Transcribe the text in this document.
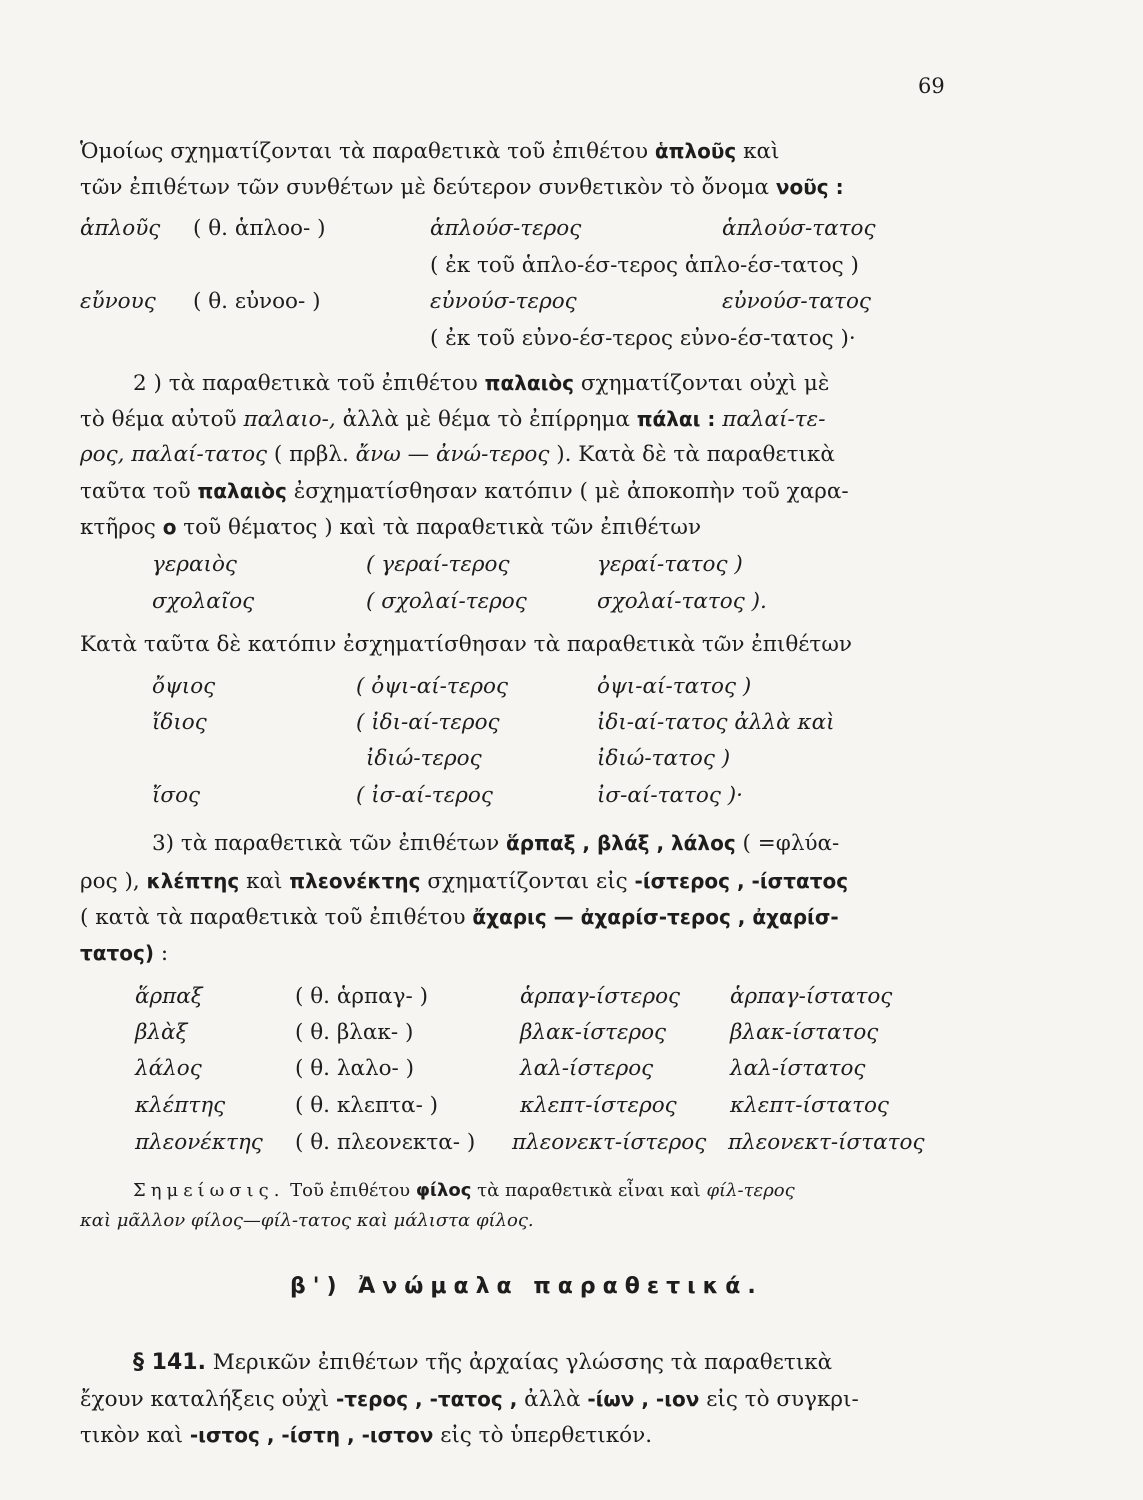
69
Ὁμοίως σχηματίζονται τὰ παραθετικὰ τοῦ ἐπιθέτου ἁπλοῦς καὶ
τῶν ἐπιθέτων τῶν συνθέτων μὲ δεύτερον συνθετικὸν τὸ ὄνομα νοῦς :
ἁπλοῦς ( θ. ἁπλοο- )	ἁπλούσ-τερος	ἁπλούσ-τατος
( ἐκ τοῦ ἁπλο-έσ-τερος ἁπλο-έσ-τατος )
εὔνους ( θ. εὐνοο- )	εὐνούσ-τερος	εὐνούσ-τατος
( ἐκ τοῦ εὐνο-έσ-τερος εὐνο-έσ-τατος )·
2 ) τὰ παραθετικὰ τοῦ ἐπιθέτου παλαιὸς σχηματίζονται οὐχὶ μὲ
τὸ θέμα αὐτοῦ παλαιο-, ἀλλὰ μὲ θέμα τὸ ἐπίρρημα πάλαι : παλαί-τε-
ρος, παλαί-τατος ( πρβλ. ἄνω — ἀνώ-τερος ). Κατὰ δὲ τὰ παραθετικὰ
ταῦτα τοῦ παλαιὸς ἐσχηματίσθησαν κατόπιν ( μὲ ἀποκοπὴν τοῦ χαρα-
κτῆρος ο τοῦ θέματος ) καὶ τὰ παραθετικὰ τῶν ἐπιθέτων
γεραιὸς	( γεραί-τερος	γεραί-τατος )
σχολαῖος	( σχολαί-τερος	σχολαί-τατος ).
Κατὰ ταῦτα δὲ κατόπιν ἐσχηματίσθησαν τὰ παραθετικὰ τῶν ἐπιθέτων
ὄψιος	( ὀψι-αί-τερος	ὀψι-αί-τατος )
ἴδιος	( ἰδι-αί-τερος	ἰδι-αί-τατος ἀλλὰ καὶ
ἰδιώ-τερος	ἰδιώ-τατος )
ἴσος	( ἰσ-αί-τερος	ἰσ-αί-τατος )·
3) τὰ παραθετικὰ τῶν ἐπιθέτων ἅρπαξ , βλάξ , λάλος ( =φλύα-
ρος ), κλέπτης καὶ πλεονέκτης σχηματίζονται εἰς -ίστερος , -ίστατος
( κατὰ τὰ παραθετικὰ τοῦ ἐπιθέτου ἄχαρις — ἀχαρίσ-τερος , ἀχαρίσ-
τατος) :
ἅρπαξ	( θ. ἁρπαγ- )	ἁρπαγ-ίστερος ἁρπαγ-ίστατος
βλὰξ	( θ. βλακ- )	βλακ-ίστερος	βλακ-ίστατος
λάλος	( θ. λαλο- )	λαλ-ίστερος	λαλ-ίστατος
κλέπτης	( θ. κλεπτα- )	κλεπτ-ίστερος κλεπτ-ίστατος
πλεονέκτης ( θ. πλεονεκτα- ) πλεονεκτ-ίστερος πλεονεκτ-ίστατος
Σημείωσις. Τοῦ ἐπιθέτου φίλος τὰ παραθετικὰ εἶναι καὶ φίλ-τερος
καὶ μᾶλλον φίλος—φίλ-τατος καὶ μάλιστα φίλος.
β') Ἀνώμαλα παραθετικά.
§ 141. Μερικῶν ἐπιθέτων τῆς ἀρχαίας γλώσσης τὰ παραθετικὰ
ἔχουν καταλήξεις οὐχὶ -τερος , -τατος , ἀλλὰ -ίων , -ιον εἰς τὸ συγκρι-
τικὸν καὶ -ιστος , -ίστη , -ιστον εἰς τὸ ὑπερθετικόν.
